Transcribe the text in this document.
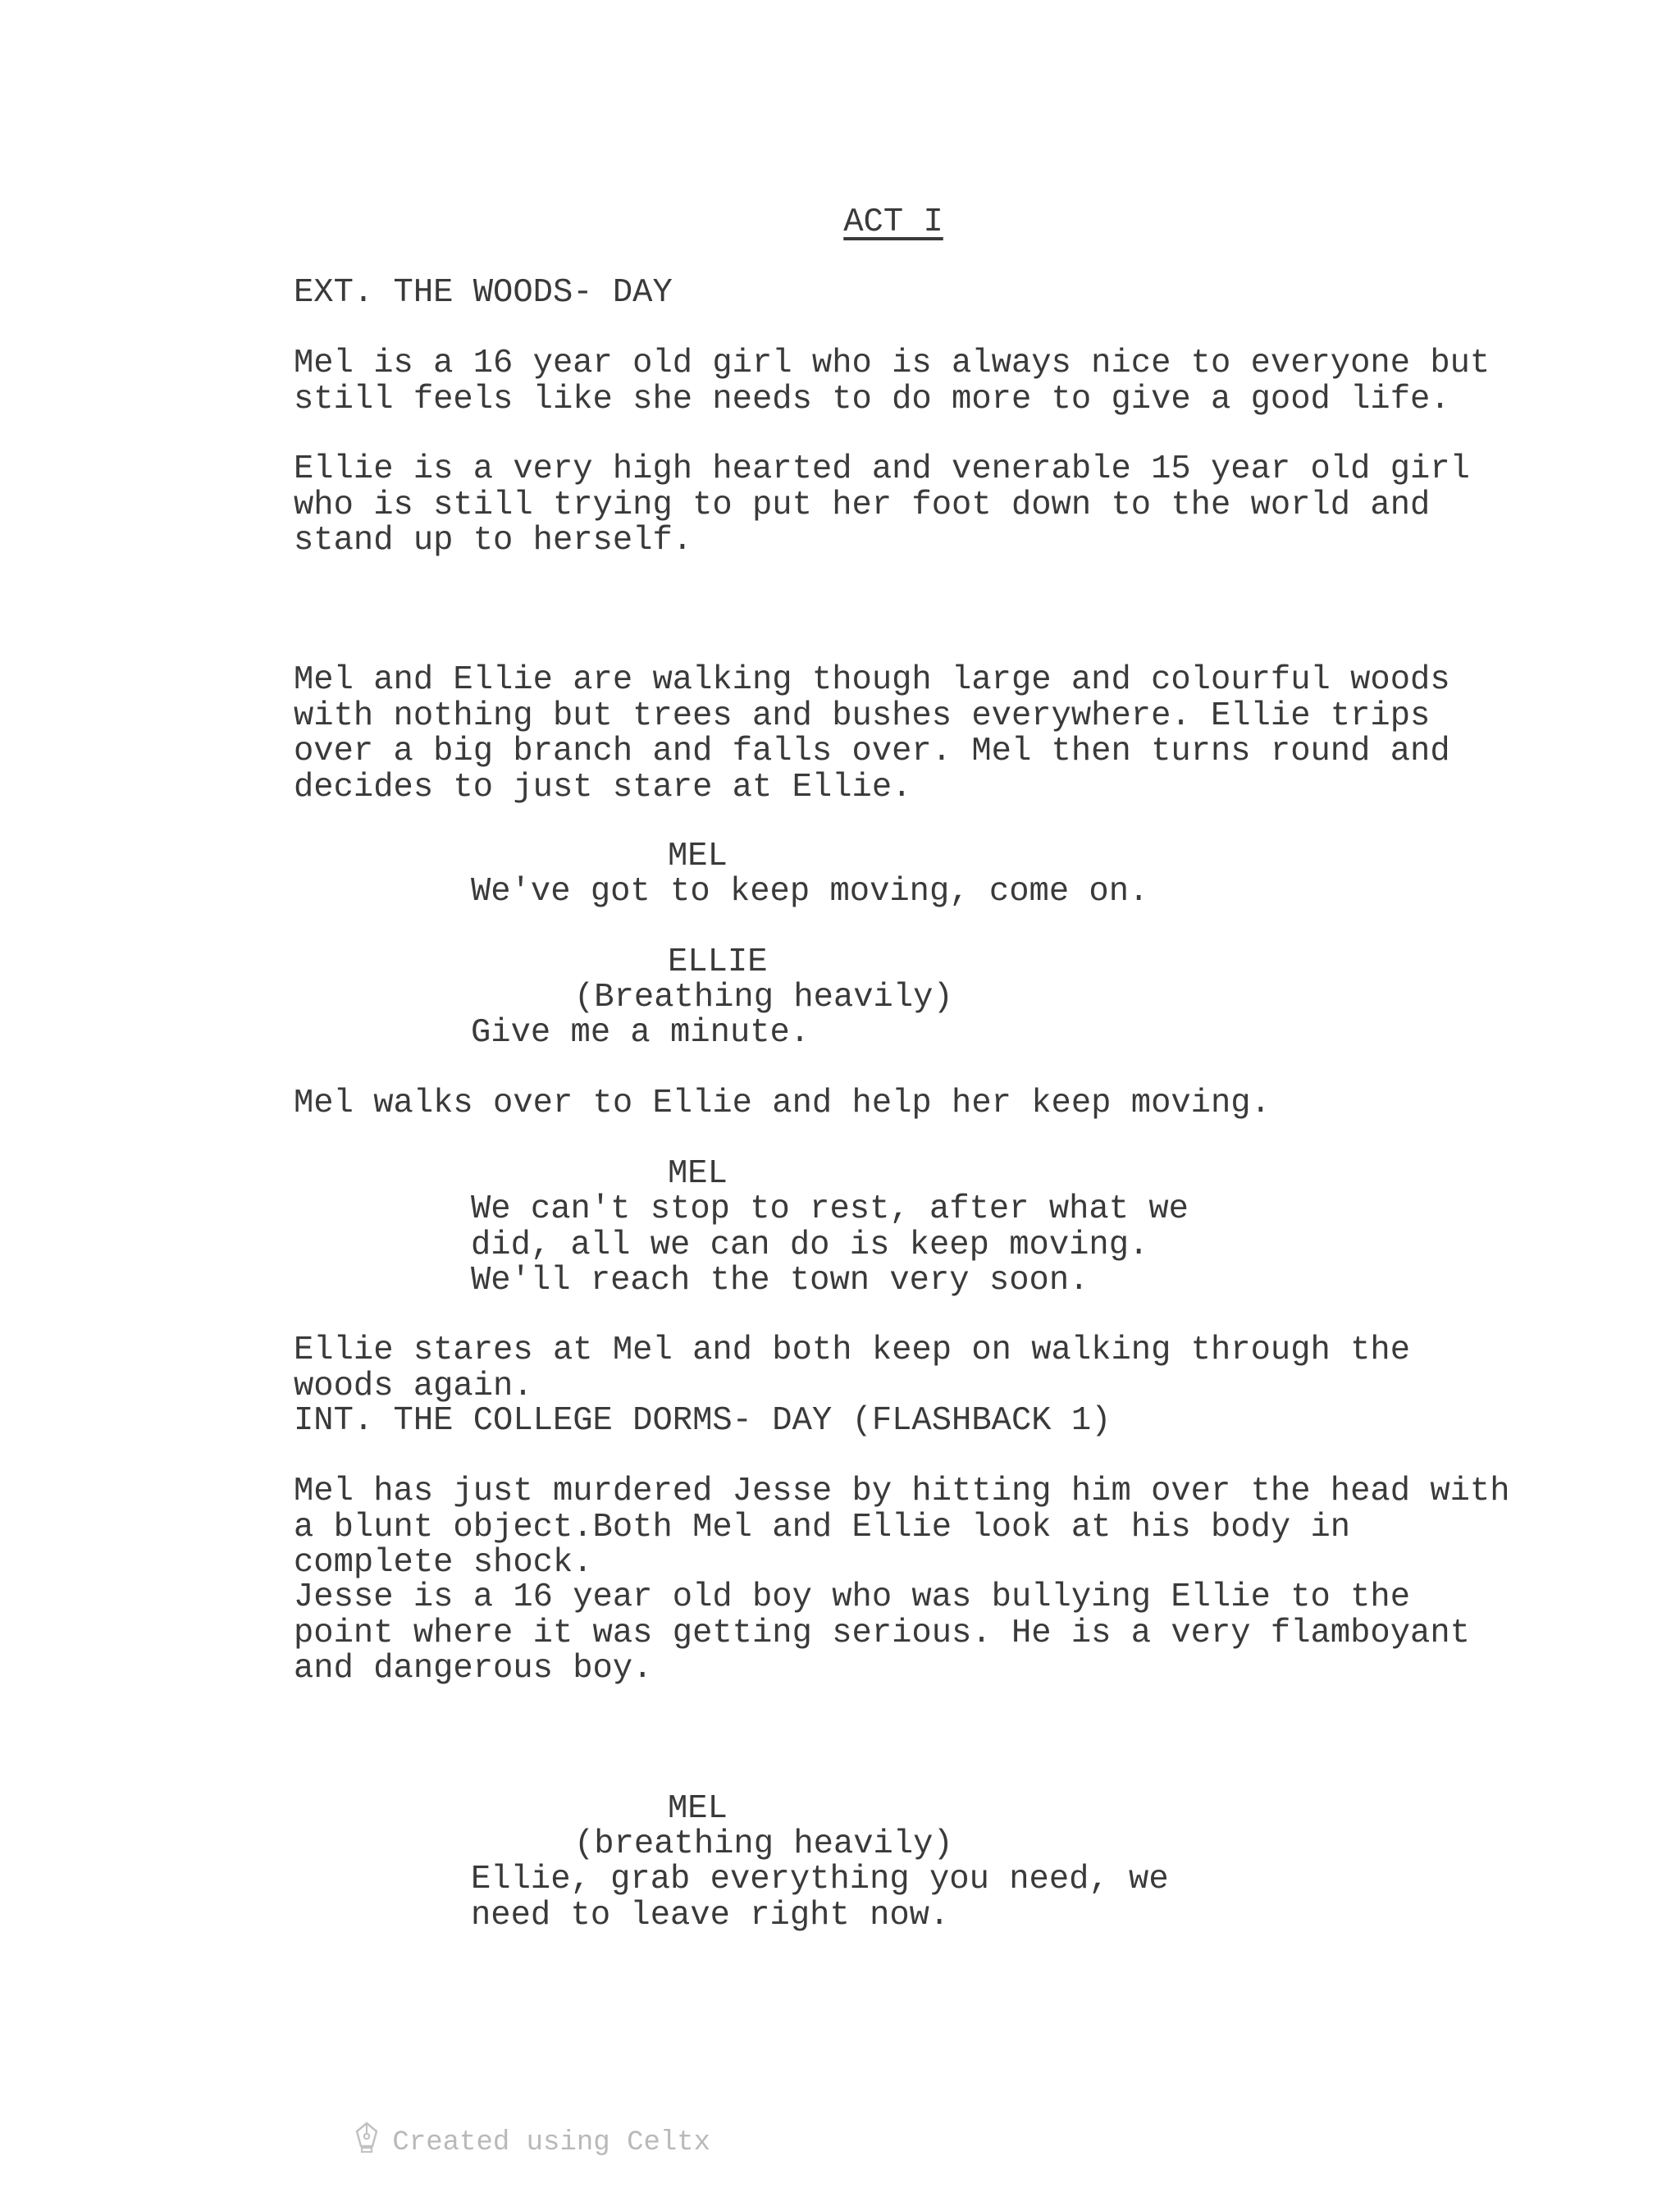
ACT I
EXT. THE WOODS- DAY
Mel is a 16 year old girl who is always nice to everyone but
still feels like she needs to do more to give a good life.
Ellie is a very high hearted and venerable 15 year old girl
who is still trying to put her foot down to the world and
stand up to herself.
Mel and Ellie are walking though large and colourful woods
with nothing but trees and bushes everywhere. Ellie trips
over a big branch and falls over. Mel then turns round and
decides to just stare at Ellie.
MEL
We've got to keep moving, come on.
ELLIE
(Breathing heavily)
Give me a minute.
Mel walks over to Ellie and help her keep moving.
MEL
We can't stop to rest, after what we
did, all we can do is keep moving.
We'll reach the town very soon.
Ellie stares at Mel and both keep on walking through the
woods again.
INT. THE COLLEGE DORMS- DAY (FLASHBACK 1)
Mel has just murdered Jesse by hitting him over the head with
a blunt object.Both Mel and Ellie look at his body in
complete shock.
Jesse is a 16 year old boy who was bullying Ellie to the
point where it was getting serious. He is a very flamboyant
and dangerous boy.
MEL
(breathing heavily)
Ellie, grab everything you need, we
need to leave right now.

Created using Celtx
